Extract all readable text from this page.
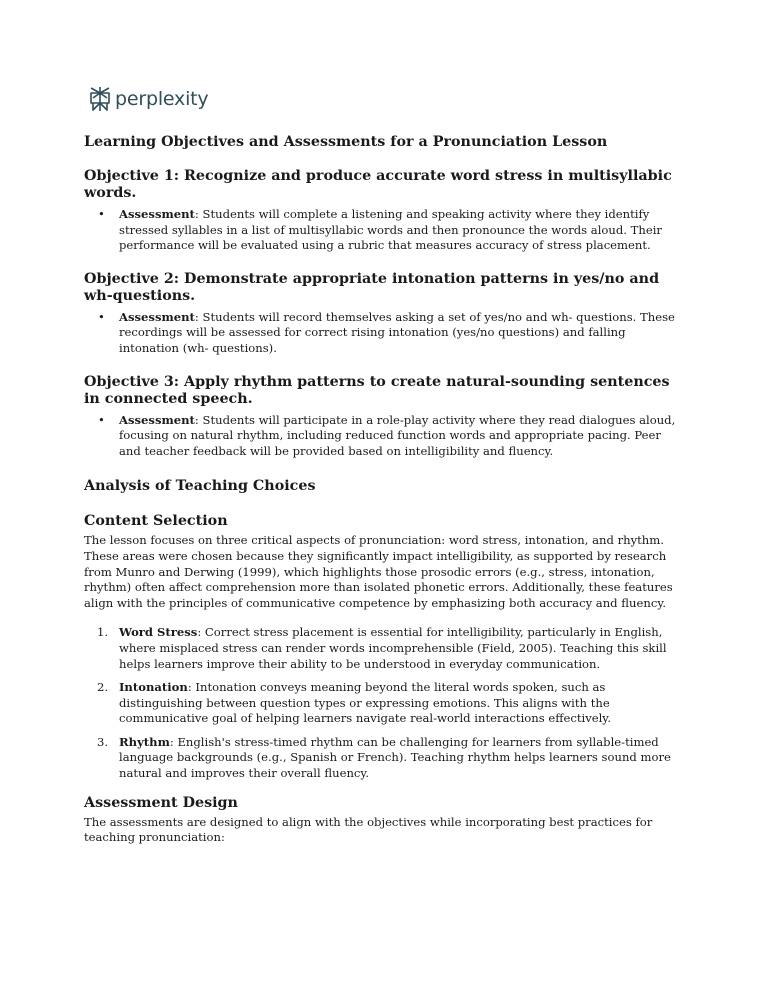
perplexity
Learning Objectives and Assessments for a Pronunciation Lesson
Objective 1: Recognize and produce accurate word stress in multisyllabic words.
•	Assessment: Students will complete a listening and speaking activity where they identify stressed syllables in a list of multisyllabic words and then pronounce the words aloud. Their performance will be evaluated using a rubric that measures accuracy of stress placement.
Objective 2: Demonstrate appropriate intonation patterns in yes/no and wh-questions.
•	Assessment: Students will record themselves asking a set of yes/no and wh- questions. These recordings will be assessed for correct rising intonation (yes/no questions) and falling intonation (wh- questions).
Objective 3: Apply rhythm patterns to create natural-sounding sentences in connected speech.
•	Assessment: Students will participate in a role-play activity where they read dialogues aloud, focusing on natural rhythm, including reduced function words and appropriate pacing. Peer and teacher feedback will be provided based on intelligibility and fluency.
Analysis of Teaching Choices
Content Selection
The lesson focuses on three critical aspects of pronunciation: word stress, intonation, and rhythm. These areas were chosen because they significantly impact intelligibility, as supported by research from Munro and Derwing (1999), which highlights those prosodic errors (e.g., stress, intonation, rhythm) often affect comprehension more than isolated phonetic errors. Additionally, these features align with the principles of communicative competence by emphasizing both accuracy and fluency.
1. Word Stress: Correct stress placement is essential for intelligibility, particularly in English, where misplaced stress can render words incomprehensible (Field, 2005). Teaching this skill helps learners improve their ability to be understood in everyday communication.
2. Intonation: Intonation conveys meaning beyond the literal words spoken, such as distinguishing between question types or expressing emotions. This aligns with the communicative goal of helping learners navigate real-world interactions effectively.
3. Rhythm: English's stress-timed rhythm can be challenging for learners from syllable-timed language backgrounds (e.g., Spanish or French). Teaching rhythm helps learners sound more natural and improves their overall fluency.
Assessment Design
The assessments are designed to align with the objectives while incorporating best practices for teaching pronunciation:
